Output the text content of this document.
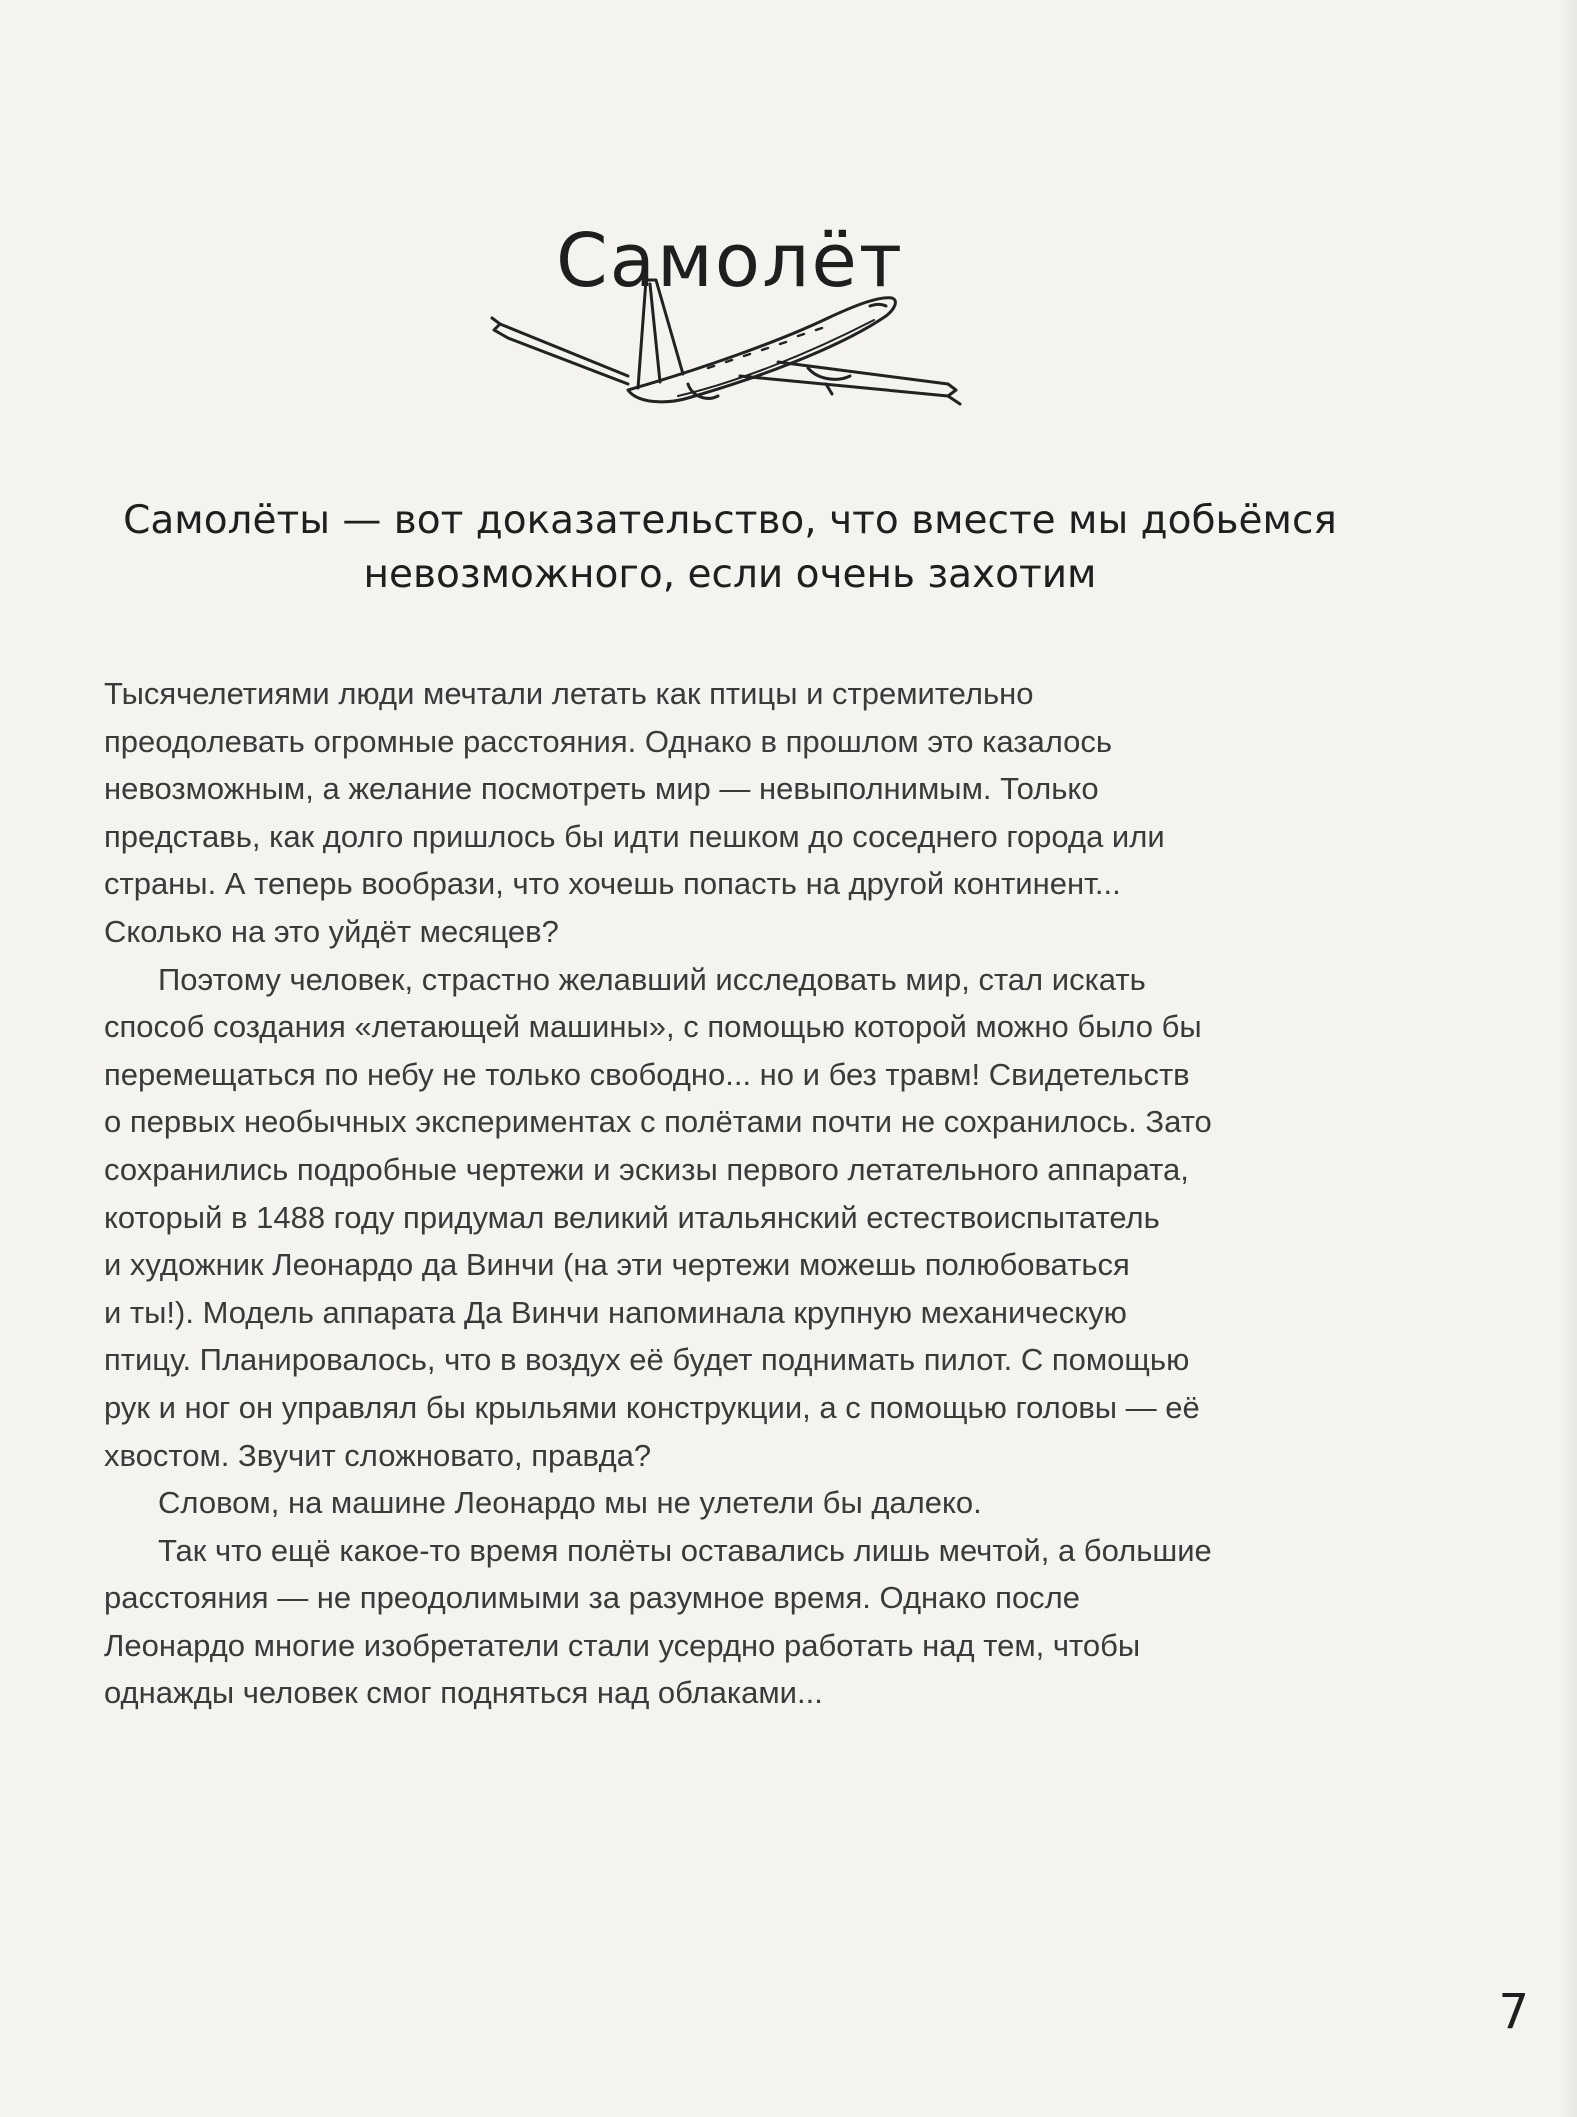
Самолёт
Самолёты — вот доказательство, что вместе мы добьёмся
невозможного, если очень захотим
Тысячелетиями люди мечтали летать как птицы и стремительно
преодолевать огромные расстояния. Однако в прошлом это казалось
невозможным, а желание посмотреть мир — невыполнимым. Только
представь, как долго пришлось бы идти пешком до соседнего города или
страны. А теперь вообрази, что хочешь попасть на другой континент...
Сколько на это уйдёт месяцев?
Поэтому человек, страстно желавший исследовать мир, стал искать
способ создания «летающей машины», с помощью которой можно было бы
перемещаться по небу не только свободно... но и без травм! Свидетельств
о первых необычных экспериментах с полётами почти не сохранилось. Зато
сохранились подробные чертежи и эскизы первого летательного аппарата,
который в 1488 году придумал великий итальянский естествоиспытатель
и художник Леонардо да Винчи (на эти чертежи можешь полюбоваться
и ты!). Модель аппарата Да Винчи напоминала крупную механическую
птицу. Планировалось, что в воздух её будет поднимать пилот. С помощью
рук и ног он управлял бы крыльями конструкции, а с помощью головы — её
хвостом. Звучит сложновато, правда?
Словом, на машине Леонардо мы не улетели бы далеко.
Так что ещё какое-то время полёты оставались лишь мечтой, а большие
расстояния — не преодолимыми за разумное время. Однако после
Леонардо многие изобретатели стали усердно работать над тем, чтобы
однажды человек смог подняться над облаками...
7
